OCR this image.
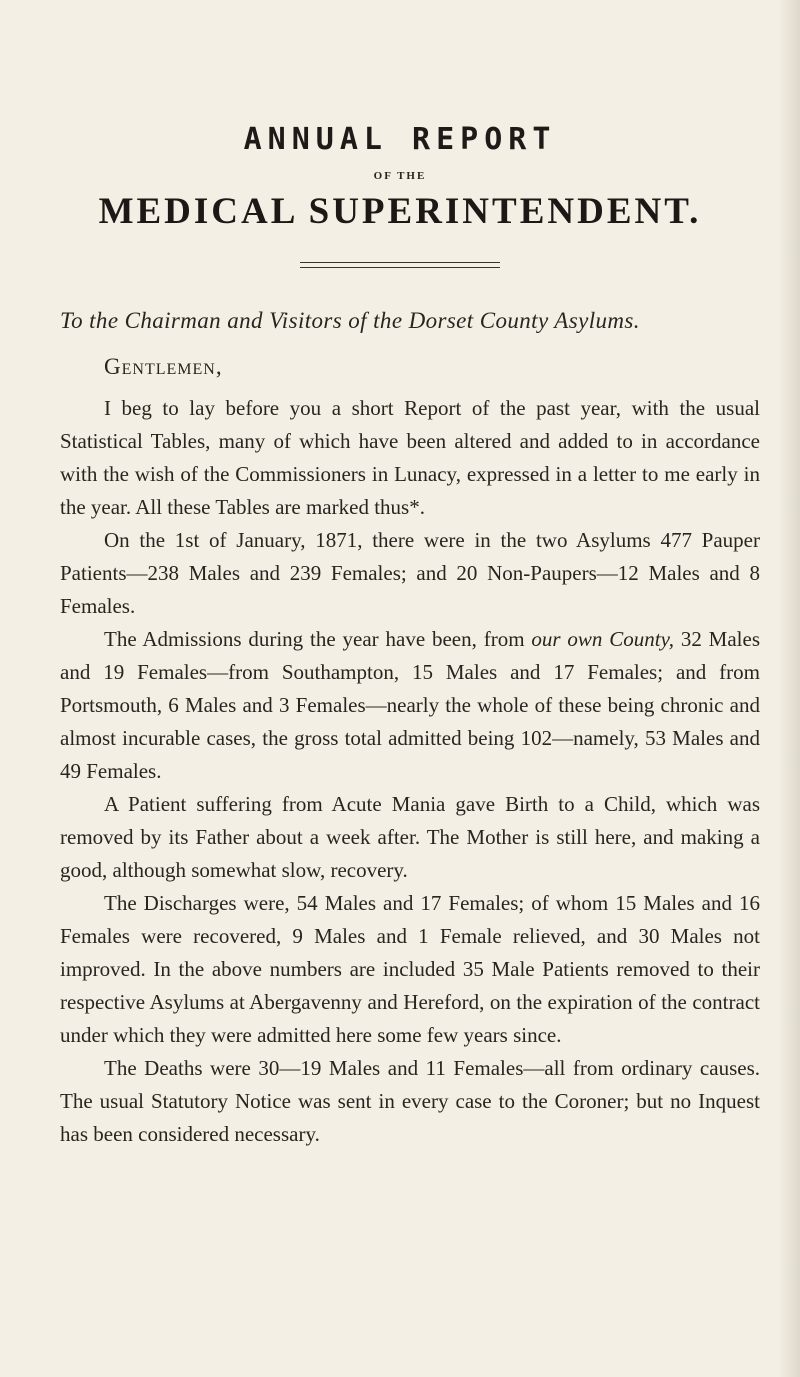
ANNUAL REPORT
OF THE
MEDICAL SUPERINTENDENT.
To the Chairman and Visitors of the Dorset County Asylums.
Gentlemen,

I beg to lay before you a short Report of the past year, with the usual Statistical Tables, many of which have been altered and added to in accordance with the wish of the Commissioners in Lunacy, expressed in a letter to me early in the year. All these Tables are marked thus*.

On the 1st of January, 1871, there were in the two Asylums 477 Pauper Patients—238 Males and 239 Females; and 20 Non-Paupers—12 Males and 8 Females.

The Admissions during the year have been, from our own County, 32 Males and 19 Females—from Southampton, 15 Males and 17 Females; and from Portsmouth, 6 Males and 3 Females—nearly the whole of these being chronic and almost incurable cases, the gross total admitted being 102—namely, 53 Males and 49 Females.

A Patient suffering from Acute Mania gave Birth to a Child, which was removed by its Father about a week after. The Mother is still here, and making a good, although somewhat slow, recovery.

The Discharges were, 54 Males and 17 Females; of whom 15 Males and 16 Females were recovered, 9 Males and 1 Female relieved, and 30 Males not improved. In the above numbers are included 35 Male Patients removed to their respective Asylums at Abergavenny and Hereford, on the expiration of the contract under which they were admitted here some few years since.

The Deaths were 30—19 Males and 11 Females—all from ordinary causes. The usual Statutory Notice was sent in every case to the Coroner; but no Inquest has been considered necessary.
